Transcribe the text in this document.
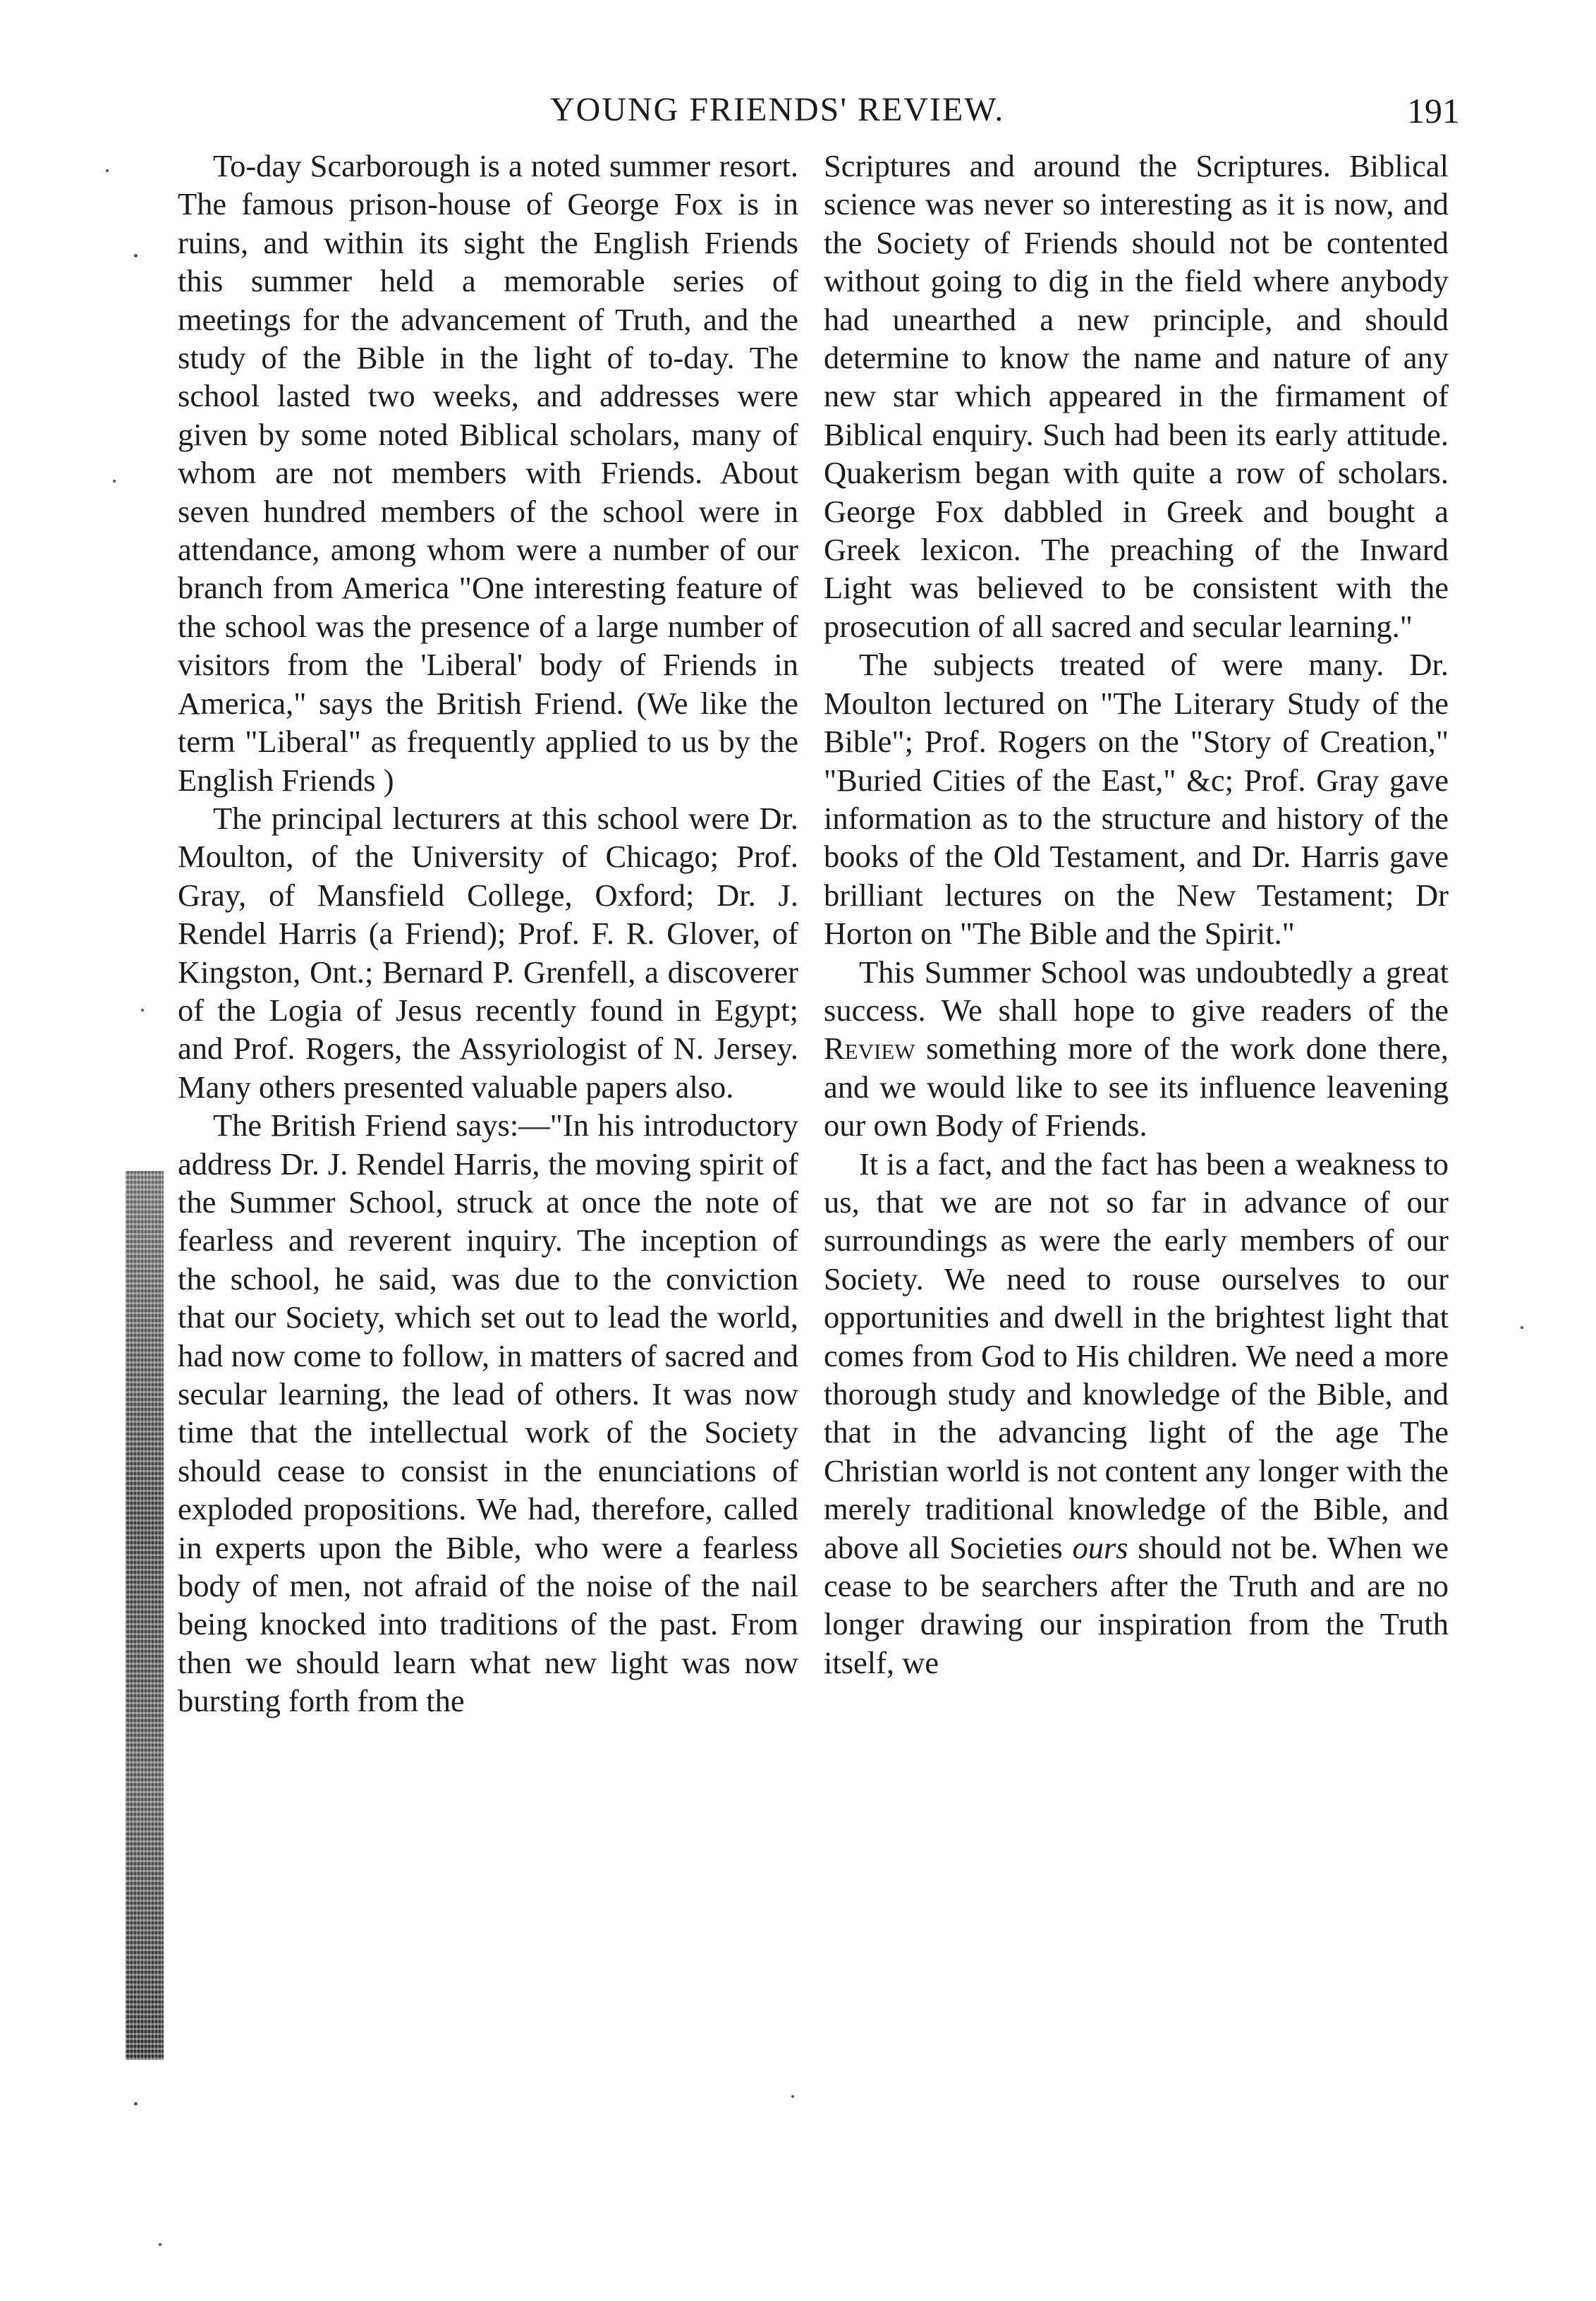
YOUNG FRIENDS' REVIEW.	191

To-day Scarborough is a noted summer resort. The famous prison-house of George Fox is in ruins, and within its sight the English Friends this summer held a memorable series of meetings for the advancement of Truth, and the study of the Bible in the light of to-day. The school lasted two weeks, and addresses were given by some noted Biblical scholars, many of whom are not members with Friends. About seven hundred members of the school were in attendance, among whom were a number of our branch from America "One interesting feature of the school was the presence of a large number of visitors from the 'Liberal' body of Friends in America," says the British Friend. (We like the term "Liberal" as frequently applied to us by the English Friends )

The principal lecturers at this school were Dr. Moulton, of the University of Chicago; Prof. Gray, of Mansfield College, Oxford; Dr. J. Rendel Harris (a Friend); Prof. F. R. Glover, of Kingston, Ont.; Bernard P. Grenfell, a discoverer of the Logia of Jesus recently found in Egypt; and Prof. Rogers, the Assyriologist of N. Jersey. Many others presented valuable papers also.

The British Friend says:—"In his introductory address Dr. J. Rendel Harris, the moving spirit of the Summer School, struck at once the note of fearless and reverent inquiry. The inception of the school, he said, was due to the conviction that our Society, which set out to lead the world, had now come to follow, in matters of sacred and secular learning, the lead of others. It was now time that the intellectual work of the Society should cease to consist in the enunciations of exploded propositions. We had, therefore, called in experts upon the Bible, who were a fearless body of men, not afraid of the noise of the nail being knocked into traditions of the past. From then we should learn what new light was now bursting forth from the

Scriptures and around the Scriptures. Biblical science was never so interesting as it is now, and the Society of Friends should not be contented without going to dig in the field where anybody had unearthed a new principle, and should determine to know the name and nature of any new star which appeared in the firmament of Biblical enquiry. Such had been its early attitude. Quakerism began with quite a row of scholars. George Fox dabbled in Greek and bought a Greek lexicon. The preaching of the Inward Light was believed to be consistent with the prosecution of all sacred and secular learning."

The subjects treated of were many. Dr. Moulton lectured on "The Literary Study of the Bible"; Prof. Rogers on the "Story of Creation," "Buried Cities of the East," &c; Prof. Gray gave information as to the structure and history of the books of the Old Testament, and Dr. Harris gave brilliant lectures on the New Testament; Dr Horton on "The Bible and the Spirit."

This Summer School was undoubtedly a great success. We shall hope to give readers of the Review something more of the work done there, and we would like to see its influence leavening our own Body of Friends.

It is a fact, and the fact has been a weakness to us, that we are not so far in advance of our surroundings as were the early members of our Society. We need to rouse ourselves to our opportunities and dwell in the brightest light that comes from God to His children. We need a more thorough study and knowledge of the Bible, and that in the advancing light of the age The Christian world is not content any longer with the merely traditional knowledge of the Bible, and above all Societies ours should not be. When we cease to be searchers after the Truth and are no longer drawing our inspiration from the Truth itself, we
